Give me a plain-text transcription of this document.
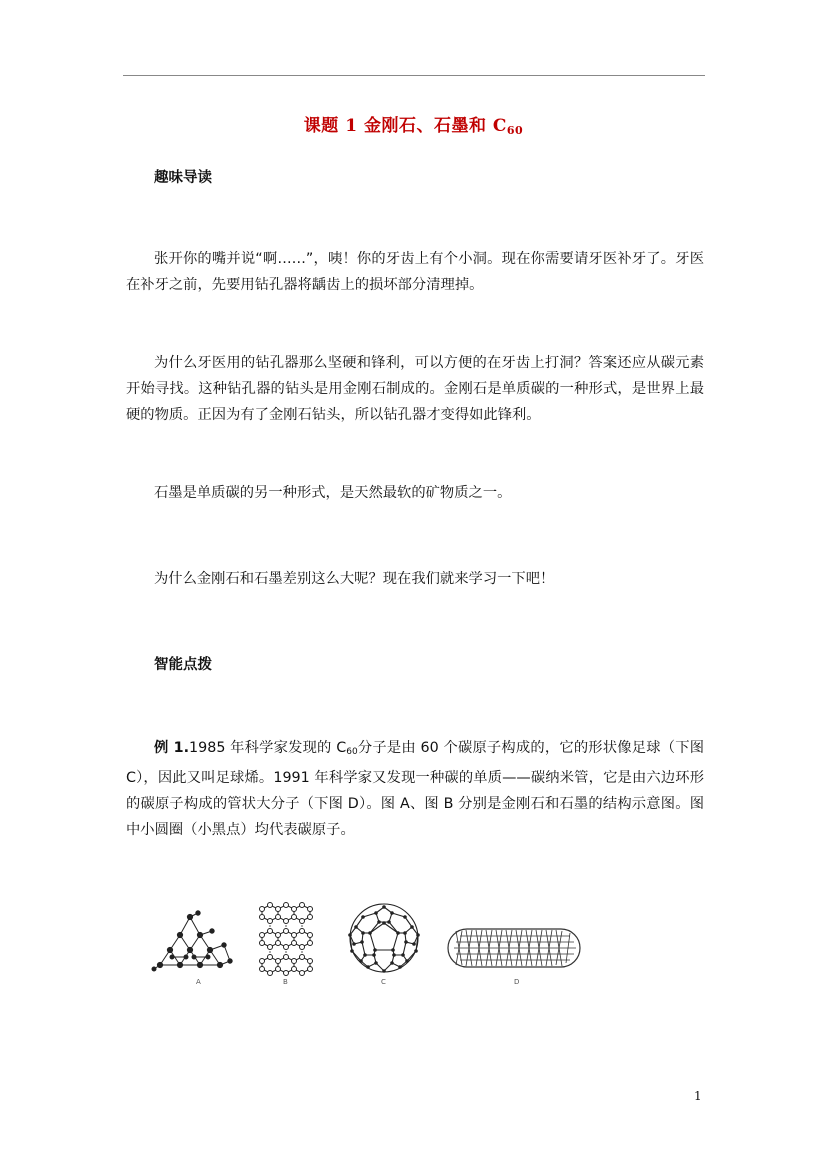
课题 1 金刚石、石墨和 $C_{60}$
趣味导读
张开你的嘴并说“啊……”，咦！你的牙齿上有个小洞。现在你需要请牙医补牙了。牙医在补牙之前，先要用钻孔器将龋齿上的损坏部分清理掉。
为什么牙医用的钻孔器那么坚硬和锋利，可以方便的在牙齿上打洞？答案还应从碳元素开始寻找。这种钻孔器的钻头是用金刚石制成的。金刚石是单质碳的一种形式，是世界上最硬的物质。正因为有了金刚石钻头，所以钻孔器才变得如此锋利。
石墨是单质碳的另一种形式，是天然最软的矿物质之一。
为什么金刚石和石墨差别这么大呢？现在我们就来学习一下吧！
智能点拨
例 1.1985 年科学家发现的 $C_{60}$分子是由 60 个碳原子构成的，它的形状像足球（下图 C），因此又叫足球烯。1991 年科学家又发现一种碳的单质——碳纳米管，它是由六边环形的碳原子构成的管状大分子（下图 D）。图 A、图 B 分别是金刚石和石墨的结构示意图。图中小圆圈（小黑点）均代表碳原子。
A	B	C	D
1
